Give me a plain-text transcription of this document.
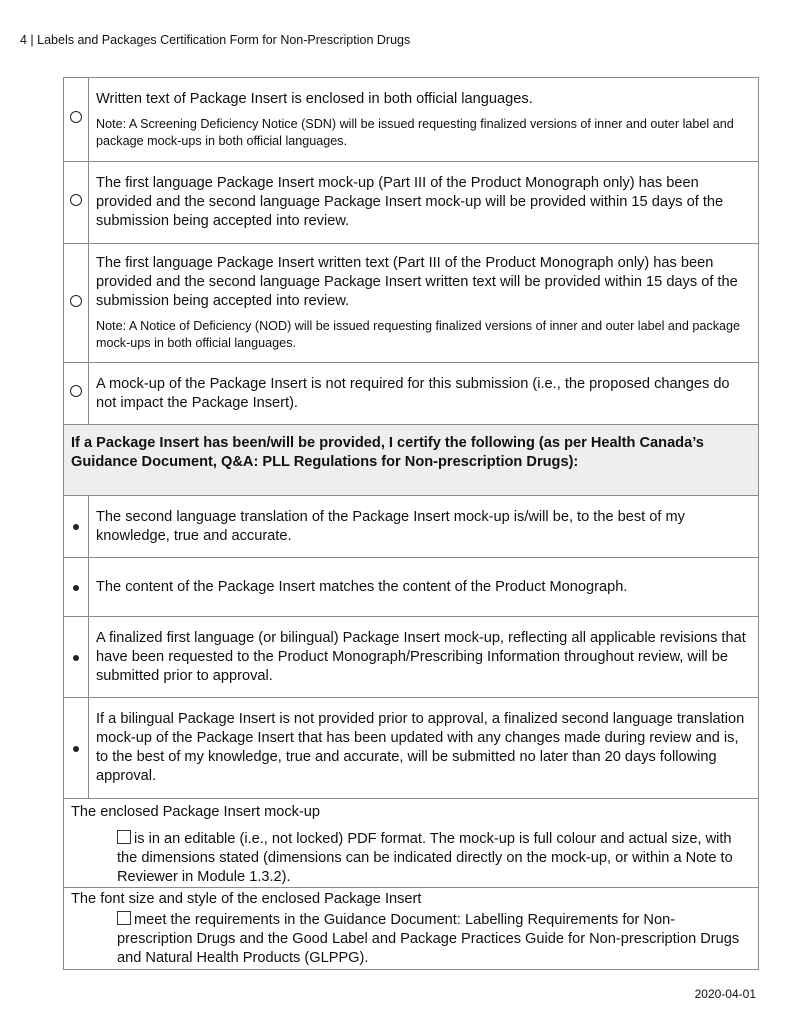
4 | Labels and Packages Certification Form for Non-Prescription Drugs

	Written text of Package Insert is enclosed in both official languages.
Note: A Screening Deficiency Notice (SDN) will be issued requesting finalized versions of inner and outer label and package mock-ups in both official languages.

	The first language Package Insert mock-up (Part III of the Product Monograph only) has been provided and the second language Package Insert mock-up will be provided within 15 days of the submission being accepted into review.

	The first language Package Insert written text (Part III of the Product Monograph only) has been provided and the second language Package Insert written text will be provided within 15 days of the submission being accepted into review.
Note: A Notice of Deficiency (NOD) will be issued requesting finalized versions of inner and outer label and package mock-ups in both official languages.

	A mock-up of the Package Insert is not required for this submission (i.e., the proposed changes do not impact the Package Insert).
If a Package Insert has been/will be provided, I certify the following (as per Health Canada’s Guidance Document, Q&A: PLL Regulations for Non-prescription Drugs):	
	The second language translation of the Package Insert mock-up is/will be, to the best of my knowledge, true and accurate.
	The content of the Package Insert matches the content of the Product Monograph.
	A finalized first language (or bilingual) Package Insert mock-up, reflecting all applicable revisions that have been requested to the Product Monograph/Prescribing Information throughout review, will be submitted prior to approval.
	If a bilingual Package Insert is not provided prior to approval, a finalized second language translation mock-up of the Package Insert that has been updated with any changes made during review and is, to the best of my knowledge, true and accurate, will be submitted no later than 20 days following approval.

The enclosed Package Insert mock-up
is in an editable (i.e., not locked) PDF format. The mock-up is full colour and actual size, with the dimensions stated (dimensions can be indicated directly on the mock-up, or within a Note to Reviewer in Module 1.3.2).	

The font size and style of the enclosed Package Insert
meet the requirements in the Guidance Document: Labelling Requirements for Non-prescription Drugs and the Good Label and Package Practices Guide for Non-prescription Drugs and Natural Health Products (GLPPG).	
2020-04-01
